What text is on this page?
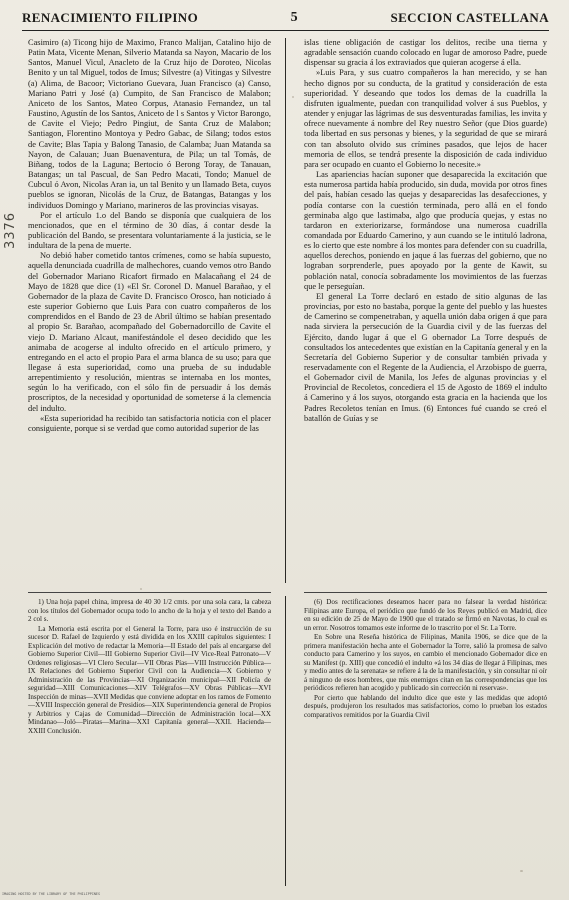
RENACIMIENTO FILIPINO	5	SECCION CASTELLANA
3376

Casimiro (a) Ticong hijo de Maximo, Franco Malijan, Catalino hijo de Patin Mata, Vicente Menan, Silverio Matanda sa Nayon, Macario de los Santos, Manuel Vicul, Anacleto de la Cruz hijo de Doroteo, Nicolas Benito y un tal Miguel, todos de Imus; Silvestre (a) Vitingas y Silvestre (a) Alima, de Bacoor; Victoriano Guevara, Juan Francisco (a) Canso, Mariano Patri y José (a) Cumpito, de San Francisco de Malabon; Aniceto de los Santos, Mateo Corpus, Atanasio Fernandez, un tal Faustino, Agustín de los Santos, Aniceto de l s Santos y Victor Barongo, de Cavite el Viejo; Pedro Pingiut, de Santa Cruz de Malabon; Santiagon, Florentino Montoya y Pedro Gabac, de Silang; todos estos de Cavite; Blas Tapia y Balong Tanasio, de Calamba; Juan Matanda sa Nayon, de Calauan; Juan Buenaventura, de Pila; un tal Tomás, de Biñang, todos de la Laguna; Bertocio ó Berong Toray, de Tanauan, Batangas; un tal Pascual, de San Pedro Macati, Tondo; Manuel de Cubcul ó Avon, Nicolas Aran ia, un tal Benito y un llamado Beta, cuyos pueblos se ignoran, Nicolás de la Cruz, de Batangas, Batangas y los individuos Domingo y Mariano, marineros de las provincias visayas.

Por el artículo 1.o del Bando se disponía que cualquiera de los mencionados, que en el término de 30 días, á contar desde la publicación del Bando, se presentara voluntariamente á la justicia, se le indultara de la pena de muerte.

No debió haber cometido tantos crímenes, como se había supuesto, aquella denunciada cuadrilla de malhechores, cuando vemos otro Bando del Gobernador Mariano Ricafort firmado en Malacañang el 24 de Mayo de 1828 que dice (1) «El Sr. Coronel D. Manuel Barañao, y el Gobernador de la plaza de Cavite D. Francisco Orosco, han noticiado á este superior Gobierno que Luis Para con cuatro compañeros de los comprendidos en el Bando de 23 de Abril último se habían presentado al propio Sr. Barañao, acompañado del Gobernadorcillo de Cavite el viejo D. Mariano Alcaut, manifestándole el deseo decidido que les animaba de acogerse al indulto ofrecido en el artículo primero, y entregando en el acto el propio Para el arma blanca de su uso; para que llegase á esta superioridad, como una prueba de su indudable arrepentimiento y resolución, mientras se internaba en los montes, según lo ha verificado, con el sólo fin de persuadir á los demás proscriptos, de la necesidad y oportunidad de someterse á la clemencia del indulto.

«Esta superioridad ha recibido tan satisfactoria noticia con el placer consiguiente, porque si se verdad que como autoridad superior de las

islas tiene obligación de castigar los delitos, recibe una tierna y agradable sensación cuando colocado en lugar de amoroso Padre, puede dispensar su gracia á los extraviados que quieran acogerse á ella.

»Luis Para, y sus cuatro compañeros la han merecido, y se han hecho dignos por su conducta, de la gratitud y consideración de esta superioridad. Y deseando que todos los demas de la cuadrilla la disfruten igualmente, puedan con tranquilidad volver á sus Pueblos, y atender y enjugar las lágrimas de sus desventuradas familias, les invita y ofrece nuevamente á nombre del Rey nuestro Señor (que Dios guarde) toda libertad en sus personas y bienes, y la seguridad de que se mirará con tan absoluto olvido sus crímines pasados, que lejos de hacer memoria de ellos, se tendrá presente la disposición de cada individuo para ser ocupado en cuanto el Gobierno lo necesite.»

Las apariencias hacían suponer que desaparecida la excitación que esta numerosa partida había producido, sin duda, movida por otros fines del país, habían cesado las quejas y desaparecidas las desafecciones, y podía contarse con la cuestión terminada, pero allá en el fondo germinaba algo que lastimaba, algo que producía quejas, y estas no tardaron en exteriorizarse, formándose una numerosa cuadrilla comandada por Eduardo Camerino, y aun cuando se le intituló ladrona, es lo cierto que este nombre á los montes para defender con su cuadrilla, aquellos derechos, poniendo en jaque á las fuerzas del gobierno, que no lograban sorprenderle, pues apoyado por la gente de Kawit, su población natal, conocía sobradamente los movimientos de las fuerzas que le perseguían.

El general La Torre declaró en estado de sitio algunas de las provincias, por esto no bastaba, porque la gente del pueblo y las huestes de Camerino se compenetraban, y aquella unión daba origen á que para nada sirviera la persecución de la Guardia civil y de las fuerzas del Ejército, dando lugar á que el G obernador La Torre después de consultados los antecedentes que existían en la Capitanía general y en la Secretaría del Gobierno Superior y de consultar también privada y reservadamente con el Regente de la Audiencia, el Arzobispo de guerra, el Gobernador civil de Manila, los Jefes de algunas provincias y el Provincial de Recoletos, concediera el 15 de Agosto de 1869 el indulto á Camerino y á los suyos, otorgando esta gracia en la hacienda que los Padres Recoletos tenían en Imus. (6) Entonces fué cuando se creó el batallón de Guías y se

1) Una hoja papel china, impresa de 40 30 1/2 cmts. por una sola cara, la cabeza con los títulos del Gobernador ocupa todo lo ancho de la hoja y el texto del Bando a 2 col s.

La Memoria está escrita por el General la Torre, para uso é instrucción de su sucesor D. Rafael de Izquierdo y está dividida en los XXIII capítulos siguientes: I Explicación del motivo de redactar la Memoria—II Estado del país al encargarse del Gobierno Superior Civil—III Gobierno Superior Civil—IV Vice-Real Patronato—V Ordenes religiosas—VI Clero Secular—VII Obras Pías—VIII Instrucción Pública—IX Relaciones del Gobierno Superior Civil con la Audiencia—X Gobierno y Administración de las Provincias—XI Organización municipal—XII Policía de seguridad—XIII Comunicaciones—XIV Telégrafos—XV Obras Públicas—XVI Inspección de minas—XVII Medidas que conviene adoptar en los ramos de Fomento—XVIII Inspección general de Presidios—XIX Superintendencia general de Propios y Arbitrios y Cajas de Comunidad—Dirección de Administración local—XX Mindanao—Joló—Piratas—Marina—XXI Capitanía general—XXII. Hacienda—XXIII Conclusión.

(6) Dos rectificaciones deseamos hacer para no falsear la verdad histórica: Filipinas ante Europa, el periódico que fundó de los Reyes publicó en Madrid, dice en su edición de 25 de Mayo de 1900 que el tratado se firmó en Navotas, lo cual es un error. Nosotros tomamos este informe de lo trascrito por el Sr. La Torre.

En Sobre una Reseña histórica de Filipinas, Manila 1906, se dice que de la primera manifestación hecha ante el Gobernador la Torre, salió la promesa de salvo conducto para Camerino y los suyos, en cambio el mencionado Gobernador dice en su Manifest (p. XIII) que concedió el indulto «á los 34 días de llegar á Filipinas, mes y medio antes de la serenata» se refiere á la de la manifestación, y sin consultar ni oír á ninguno de esos hombres, que mis enemigos citan en las correspondencias que los periódicos refieren han acogido y publicado sin corrección ni reservas».

Por cierto que hablando del indulto dice que este y las medidas que adoptó después, produjeron los resultados mas satisfactorios, como lo prueban los estados comparativos remitidos por la Guardia Civil

IMAGING HOSTED BY THE LIBRARY OF THE PHILIPPINES
